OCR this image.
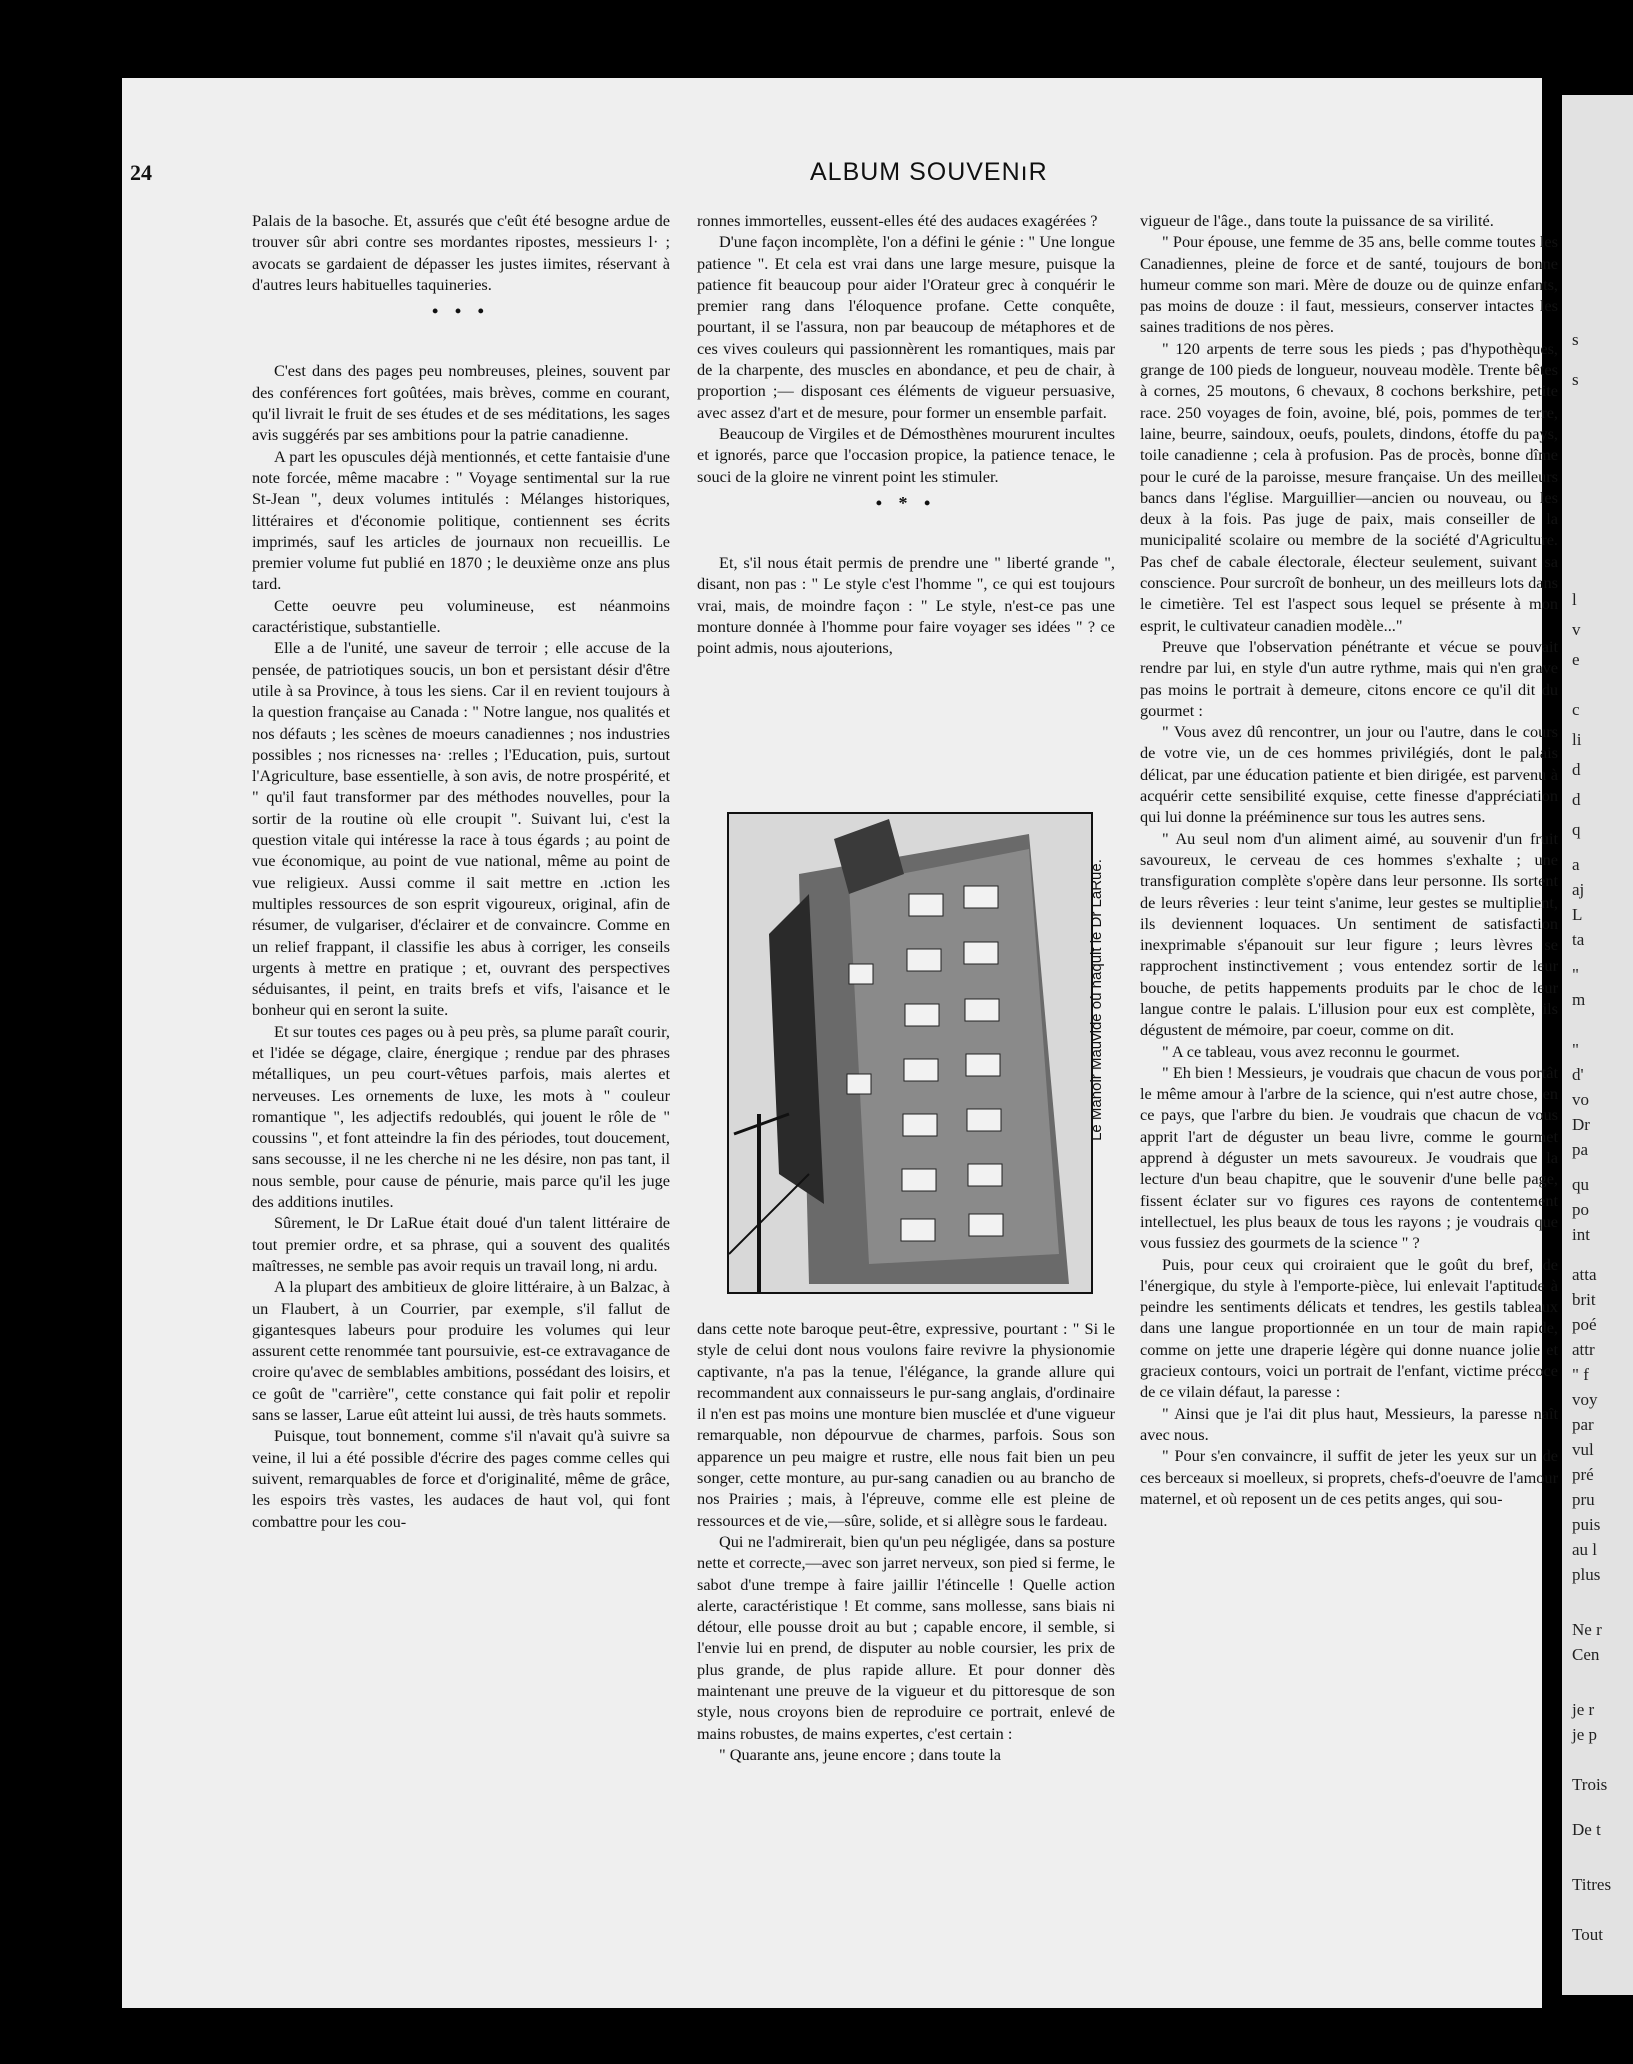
24	ALBUM SOUVENıR

Palais de la basoche. Et, assurés que c'eût été besogne ardue de trouver sûr abri contre ses mordantes ripostes, messieurs l· ; avocats se gardaient de dépasser les justes iimites, réservant à d'autres leurs habituelles taquineries.

• • •

C'est dans des pages peu nombreuses, pleines, souvent par des conférences fort goûtées, mais brèves, comme en courant, qu'il livrait le fruit de ses études et de ses méditations, les sages avis suggérés par ses ambitions pour la patrie canadienne.

A part les opuscules déjà mentionnés, et cette fantaisie d'une note forcée, même macabre : " Voyage sentimental sur la rue St-Jean ", deux volumes intitulés : Mélanges historiques, littéraires et d'économie politique, contiennent ses écrits imprimés, sauf les articles de journaux non recueillis. Le premier volume fut publié en 1870 ; le deuxième onze ans plus tard.

Cette oeuvre peu volumineuse, est néanmoins caractéristique, substantielle.

Elle a de l'unité, une saveur de terroir ; elle accuse de la pensée, de patriotiques soucis, un bon et persistant désir d'être utile à sa Province, à tous les siens. Car il en revient toujours à la question française au Canada : " Notre langue, nos qualités et nos défauts ; les scènes de moeurs canadiennes ; nos industries possibles ; nos ricnesses na· :relles ; l'Education, puis, surtout l'Agriculture, base essentielle, à son avis, de notre prospérité, et " qu'il faut transformer par des méthodes nouvelles, pour la sortir de la routine où elle croupit ". Suivant lui, c'est la question vitale qui intéresse la race à tous égards ; au point de vue économique, au point de vue national, même au point de vue religieux. Aussi comme il sait mettre en .ıction les multiples ressources de son esprit vigoureux, original, afin de résumer, de vulgariser, d'éclairer et de convaincre. Comme en un relief frappant, il classifie les abus à corriger, les conseils urgents à mettre en pratique ; et, ouvrant des perspectives séduisantes, il peint, en traits brefs et vifs, l'aisance et le bonheur qui en seront la suite.

Et sur toutes ces pages ou à peu près, sa plume paraît courir, et l'idée se dégage, claire, énergique ; rendue par des phrases métalliques, un peu court-vêtues parfois, mais alertes et nerveuses. Les ornements de luxe, les mots à " couleur romantique ", les adjectifs redoublés, qui jouent le rôle de " coussins ", et font atteindre la fin des périodes, tout doucement, sans secousse, il ne les cherche ni ne les désire, non pas tant, il nous semble, pour cause de pénurie, mais parce qu'il les juge des additions inutiles.

Sûrement, le Dr LaRue était doué d'un talent littéraire de tout premier ordre, et sa phrase, qui a souvent des qualités maîtresses, ne semble pas avoir requis un travail long, ni ardu.

A la plupart des ambitieux de gloire littéraire, à un Balzac, à un Flaubert, à un Courrier, par exemple, s'il fallut de gigantesques labeurs pour produire les volumes qui leur assurent cette renommée tant poursuivie, est-ce extravagance de croire qu'avec de semblables ambitions, possédant des loisirs, et ce goût de "carrière", cette constance qui fait polir et repolir sans se lasser, Larue eût atteint lui aussi, de très hauts sommets.

Puisque, tout bonnement, comme s'il n'avait qu'à suivre sa veine, il lui a été possible d'écrire des pages comme celles qui suivent, remarquables de force et d'originalité, même de grâce, les espoirs très vastes, les audaces de haut vol, qui font combattre pour les cou-

ronnes immortelles, eussent-elles été des audaces exagérées ?

D'une façon incomplète, l'on a défini le génie : " Une longue patience ". Et cela est vrai dans une large mesure, puisque la patience fit beaucoup pour aider l'Orateur grec à conquérir le premier rang dans l'éloquence profane. Cette conquête, pourtant, il se l'assura, non par beaucoup de métaphores et de ces vives couleurs qui passionnèrent les romantiques, mais par de la charpente, des muscles en abondance, et peu de chair, à proportion ;— disposant ces éléments de vigueur persuasive, avec assez d'art et de mesure, pour former un ensemble parfait.

Beaucoup de Virgiles et de Démosthènes moururent incultes et ignorés, parce que l'occasion propice, la patience tenace, le souci de la gloire ne vinrent point les stimuler.

• * •

Et, s'il nous était permis de prendre une " liberté grande ", disant, non pas : " Le style c'est l'homme ", ce qui est toujours vrai, mais, de moindre façon : " Le style, n'est-ce pas une monture donnée à l'homme pour faire voyager ses idées " ? ce point admis, nous ajouterions,

Le Manoir Mauvide où naquit le Dr LaRue.

dans cette note baroque peut-être, expressive, pourtant : " Si le style de celui dont nous voulons faire revivre la physionomie captivante, n'a pas la tenue, l'élégance, la grande allure qui recommandent aux connaisseurs le pur-sang anglais, d'ordinaire il n'en est pas moins une monture bien musclée et d'une vigueur remarquable, non dépourvue de charmes, parfois. Sous son apparence un peu maigre et rustre, elle nous fait bien un peu songer, cette monture, au pur-sang canadien ou au brancho de nos Prairies ; mais, à l'épreuve, comme elle est pleine de ressources et de vie,—sûre, solide, et si allègre sous le fardeau.

Qui ne l'admirerait, bien qu'un peu négligée, dans sa posture nette et correcte,—avec son jarret nerveux, son pied si ferme, le sabot d'une trempe à faire jaillir l'étincelle ! Quelle action alerte, caractéristique ! Et comme, sans mollesse, sans biais ni détour, elle pousse droit au but ; capable encore, il semble, si l'envie lui en prend, de disputer au noble coursier, les prix de plus grande, de plus rapide allure. Et pour donner dès maintenant une preuve de la vigueur et du pittoresque de son style, nous croyons bien de reproduire ce portrait, enlevé de mains robustes, de mains expertes, c'est certain :

" Quarante ans, jeune encore ; dans toute la

vigueur de l'âge., dans toute la puissance de sa virilité.

" Pour épouse, une femme de 35 ans, belle comme toutes les Canadiennes, pleine de force et de santé, toujours de bonne humeur comme son mari. Mère de douze ou de quinze enfants, pas moins de douze : il faut, messieurs, conserver intactes les saines traditions de nos pères.

" 120 arpents de terre sous les pieds ; pas d'hypothèques, grange de 100 pieds de longueur, nouveau modèle. Trente bêtes à cornes, 25 moutons, 6 chevaux, 8 cochons berkshire, petite race. 250 voyages de foin, avoine, blé, pois, pommes de terre, laine, beurre, saindoux, oeufs, poulets, dindons, étoffe du pays, toile canadienne ; cela à profusion. Pas de procès, bonne dîme pour le curé de la paroisse, mesure française. Un des meilleurs bancs dans l'église. Marguillier—ancien ou nouveau, ou les deux à la fois. Pas juge de paix, mais conseiller de la municipalité scolaire ou membre de la société d'Agriculture. Pas chef de cabale électorale, électeur seulement, suivant sa conscience. Pour surcroît de bonheur, un des meilleurs lots dans le cimetière. Tel est l'aspect sous lequel se présente à mon esprit, le cultivateur canadien modèle..."

Preuve que l'observation pénétrante et vécue se pouvait rendre par lui, en style d'un autre rythme, mais qui n'en grave pas moins le portrait à demeure, citons encore ce qu'il dit du gourmet :

" Vous avez dû rencontrer, un jour ou l'autre, dans le cours de votre vie, un de ces hommes privilégiés, dont le palais délicat, par une éducation patiente et bien dirigée, est parvenu à acquérir cette sensibilité exquise, cette finesse d'appréciation qui lui donne la prééminence sur tous les autres sens.

" Au seul nom d'un aliment aimé, au souvenir d'un fruit savoureux, le cerveau de ces hommes s'exhalte ; une transfiguration complète s'opère dans leur personne. Ils sortent de leurs rêveries : leur teint s'anime, leur gestes se multiplient, ils deviennent loquaces. Un sentiment de satisfaction inexprimable s'épanouit sur leur figure ; leurs lèvres se rapprochent instinctivement ; vous entendez sortir de leur bouche, de petits happements produits par le choc de leur langue contre le palais. L'illusion pour eux est complète, ils dégustent de mémoire, par coeur, comme on dit.

" A ce tableau, vous avez reconnu le gourmet.

" Eh bien ! Messieurs, je voudrais que chacun de vous portât le même amour à l'arbre de la science, qui n'est autre chose, en ce pays, que l'arbre du bien. Je voudrais que chacun de vous apprit l'art de déguster un beau livre, comme le gourmet apprend à déguster un mets savoureux. Je voudrais que la lecture d'un beau chapitre, que le souvenir d'une belle page, fissent éclater sur vo figures ces rayons de contentement intellectuel, les plus beaux de tous les rayons ; je voudrais que vous fussiez des gourmets de la science " ?

Puis, pour ceux qui croiraient que le goût du bref, de l'énergique, du style à l'emporte-pièce, lui enlevait l'aptitude à peindre les sentiments délicats et tendres, les gestils tableaux dans une langue proportionnée en un tour de main rapide, comme on jette une draperie légère qui donne nuance jolie et gracieux contours, voici un portrait de l'enfant, victime précoce de ce vilain défaut, la paresse :

" Ainsi que je l'ai dit plus haut, Messieurs, la paresse naît avec nous.

" Pour s'en convaincre, il suffit de jeter les yeux sur un de ces berceaux si moelleux, si proprets, chefs-d'oeuvre de l'amour maternel, et où reposent un de ces petits anges, qui sou-

s
s
l
v
e
c
li
d
d
q
a
aj
L
ta
"
m
"
d'
vo
Dr
pa
qu
po
int
atta
brit
poé
attr
" f
voy
par
vul
pré
pru
puis
au l
plus
Ne r
Cen
je r
je p
Trois
De t
Titres
Tout
